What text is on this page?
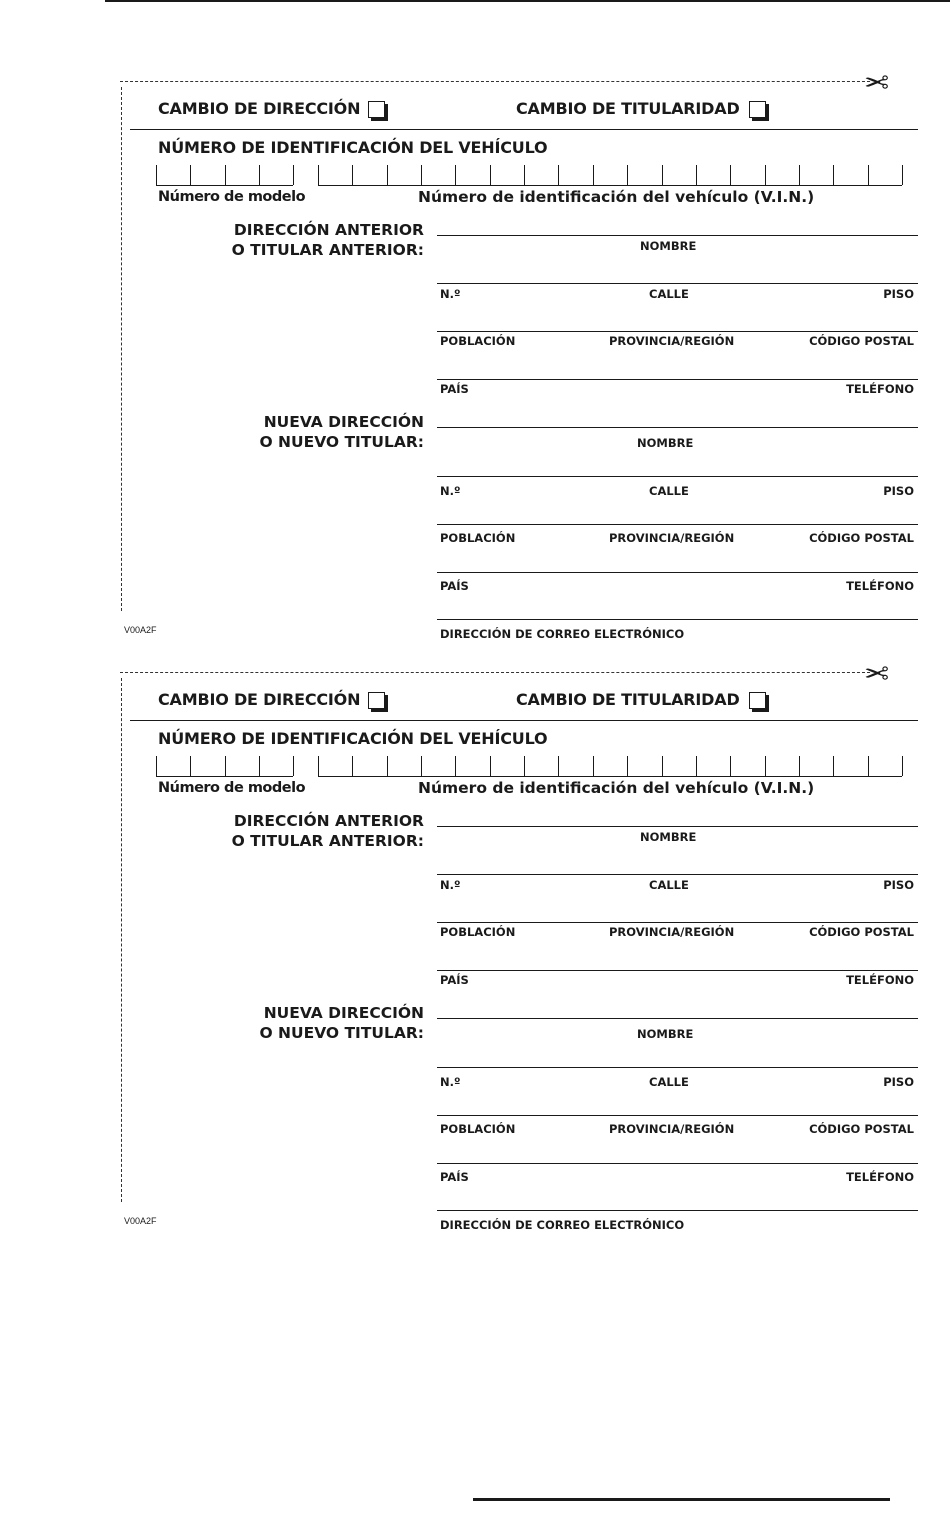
✂
CAMBIO DE DIRECCIÓN	CAMBIO DE TITULARIDAD
NÚMERO DE IDENTIFICACIÓN DEL VEHÍCULO
Número de modelo	Número de identificación del vehículo (V.I.N.)
DIRECCIÓN ANTERIOR
O TITULAR ANTERIOR:	NOMBRE
N.º	CALLE	PISO
POBLACIÓN	PROVINCIA/REGIÓN	CÓDIGO POSTAL
PAÍS	TELÉFONO
NUEVA DIRECCIÓN
O NUEVO TITULAR:	NOMBRE
N.º	CALLE	PISO
POBLACIÓN	PROVINCIA/REGIÓN	CÓDIGO POSTAL
PAÍS	TELÉFONO
DIRECCIÓN DE CORREO ELECTRÓNICO
V00A2F
✂
CAMBIO DE DIRECCIÓN	CAMBIO DE TITULARIDAD
NÚMERO DE IDENTIFICACIÓN DEL VEHÍCULO
Número de modelo	Número de identificación del vehículo (V.I.N.)
DIRECCIÓN ANTERIOR
O TITULAR ANTERIOR:	NOMBRE
N.º	CALLE	PISO
POBLACIÓN	PROVINCIA/REGIÓN	CÓDIGO POSTAL
PAÍS	TELÉFONO
NUEVA DIRECCIÓN
O NUEVO TITULAR:	NOMBRE
N.º	CALLE	PISO
POBLACIÓN	PROVINCIA/REGIÓN	CÓDIGO POSTAL
PAÍS	TELÉFONO
DIRECCIÓN DE CORREO ELECTRÓNICO
V00A2F
